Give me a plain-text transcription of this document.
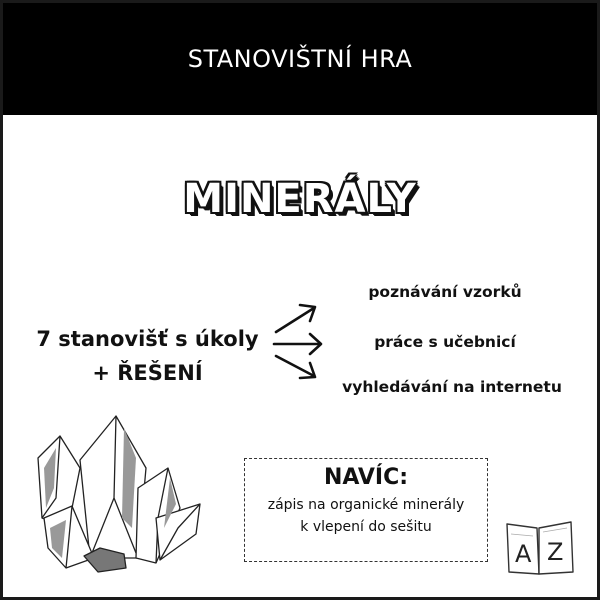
STANOVIŠTNÍ HRA
MINERÁLY
7 stanovišť s úkoly
+ ŘEŠENÍ
poznávání vzorků
práce s učebnicí
vyhledávání na internetu
NAVÍC:
zápis na organické minerály
k vlepení do sešitu
A Z
